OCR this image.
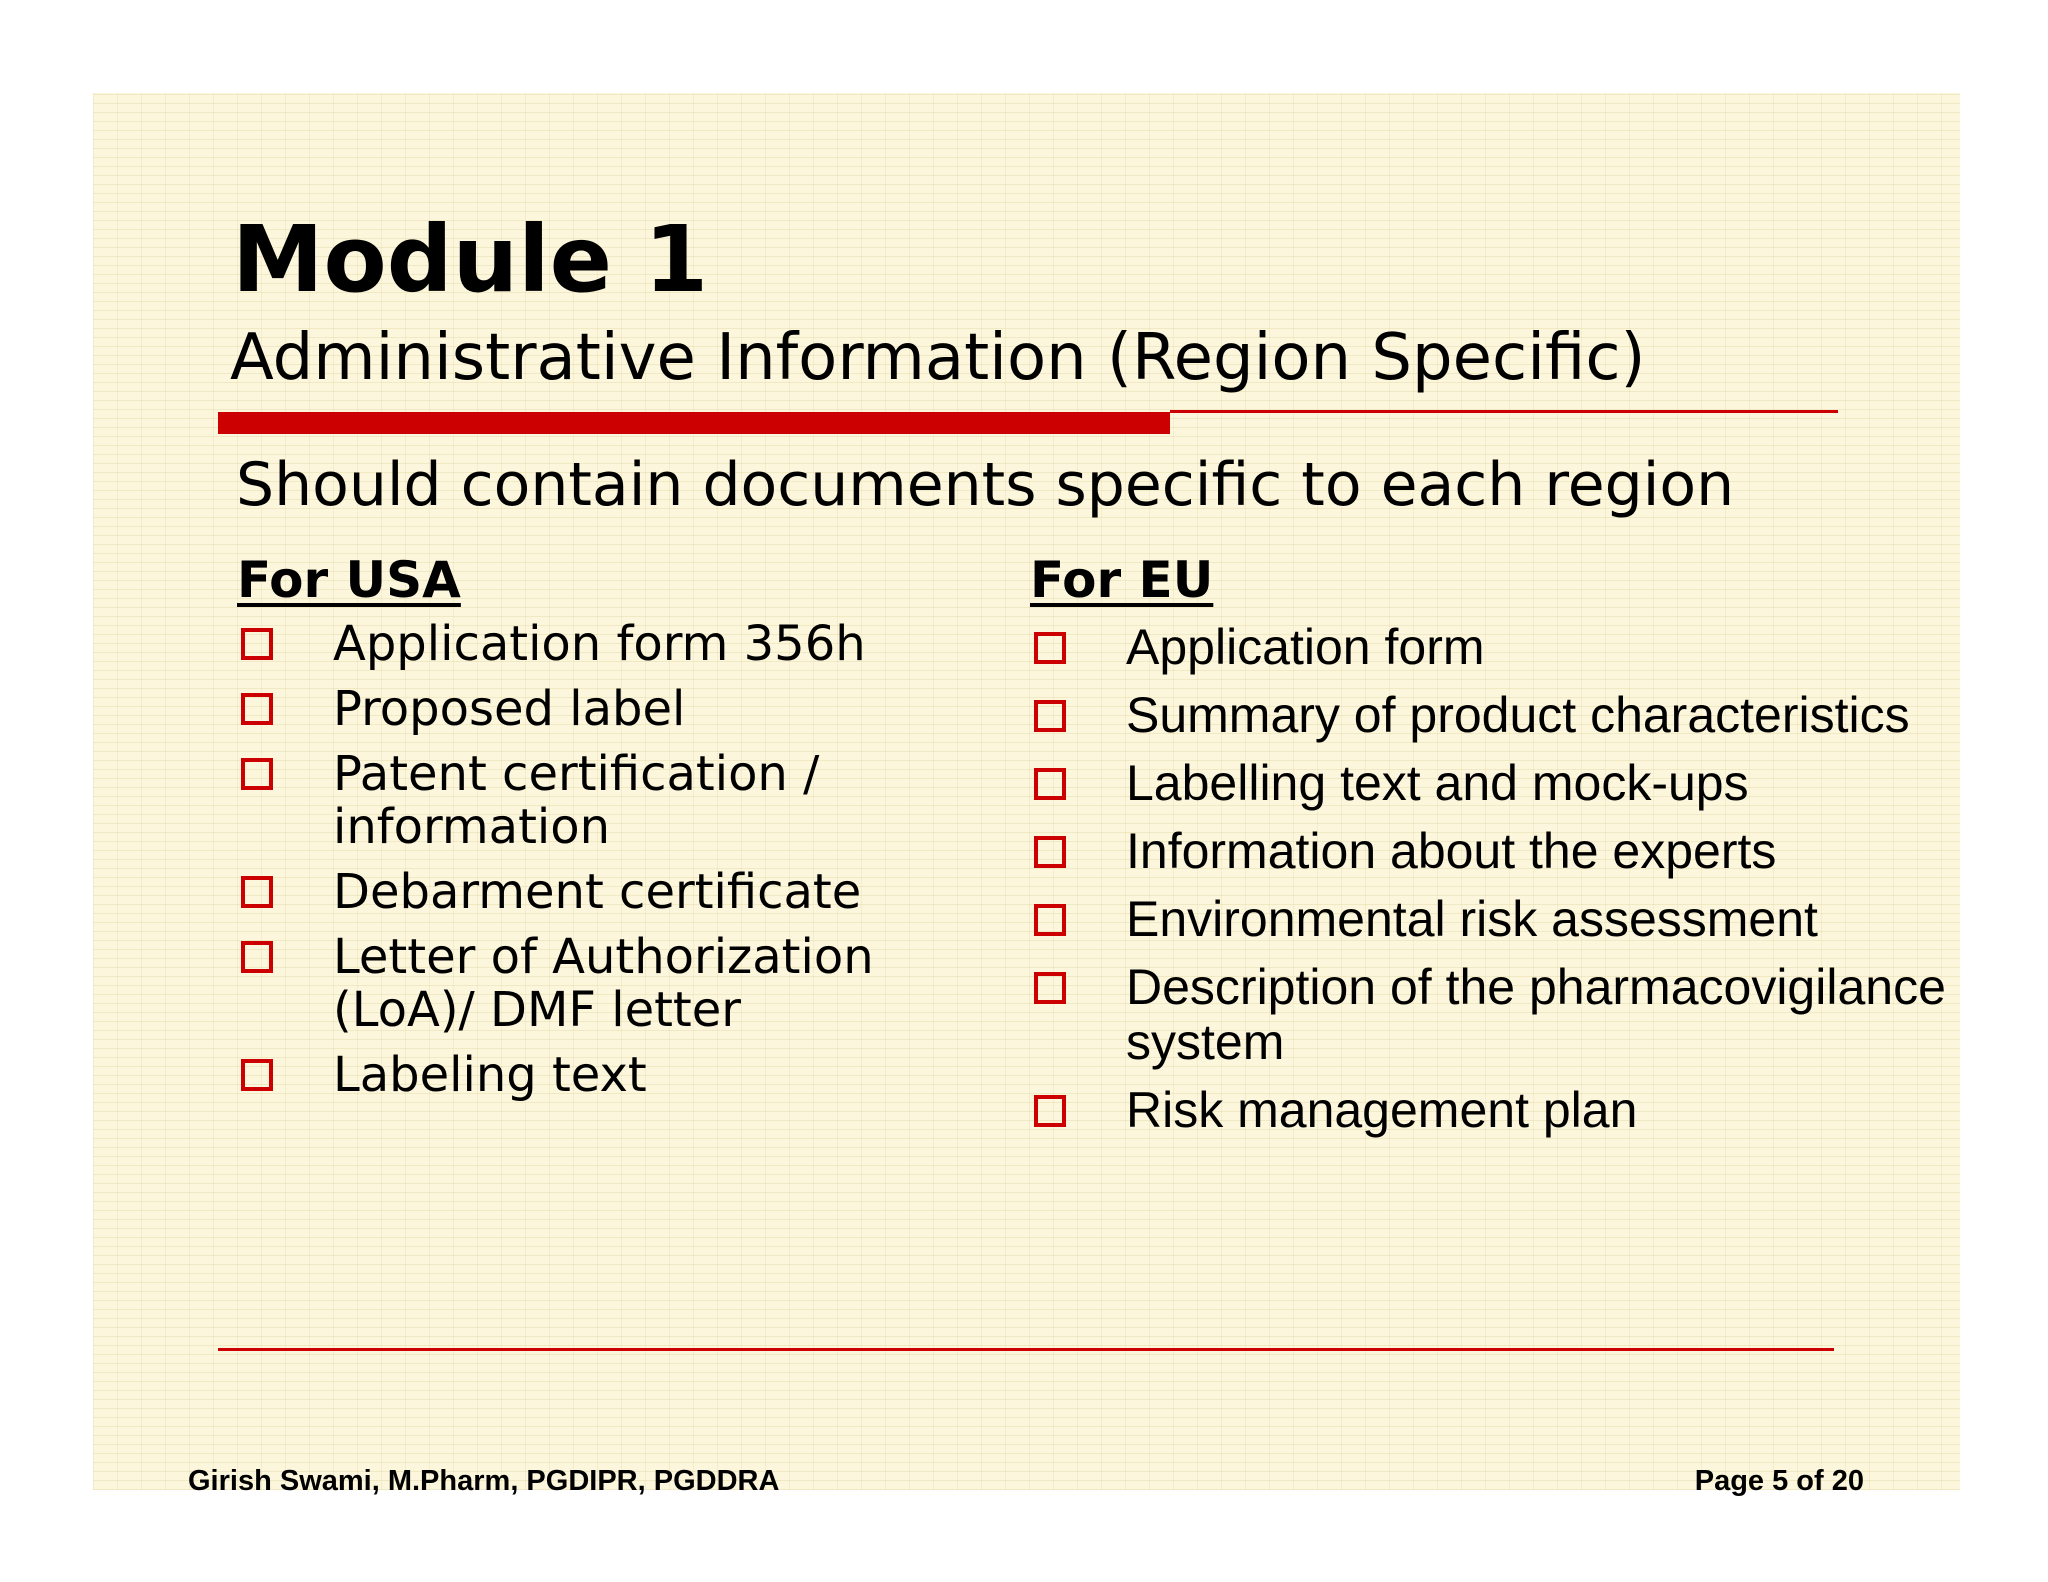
Module 1
Administrative Information (Region Specific)
Should contain documents specific to each region
For USA
Application form 356h
Proposed label
Patent certification / information
Debarment certificate
Letter of Authorization (LoA)/ DMF letter
Labeling text
For EU
Application form
Summary of product characteristics
Labelling text and mock-ups
Information about the experts
Environmental risk assessment
Description of the pharmacovigilance system
Risk management plan
Girish Swami, M.Pharm, PGDIPR, PGDDRA	Page 5 of 20
